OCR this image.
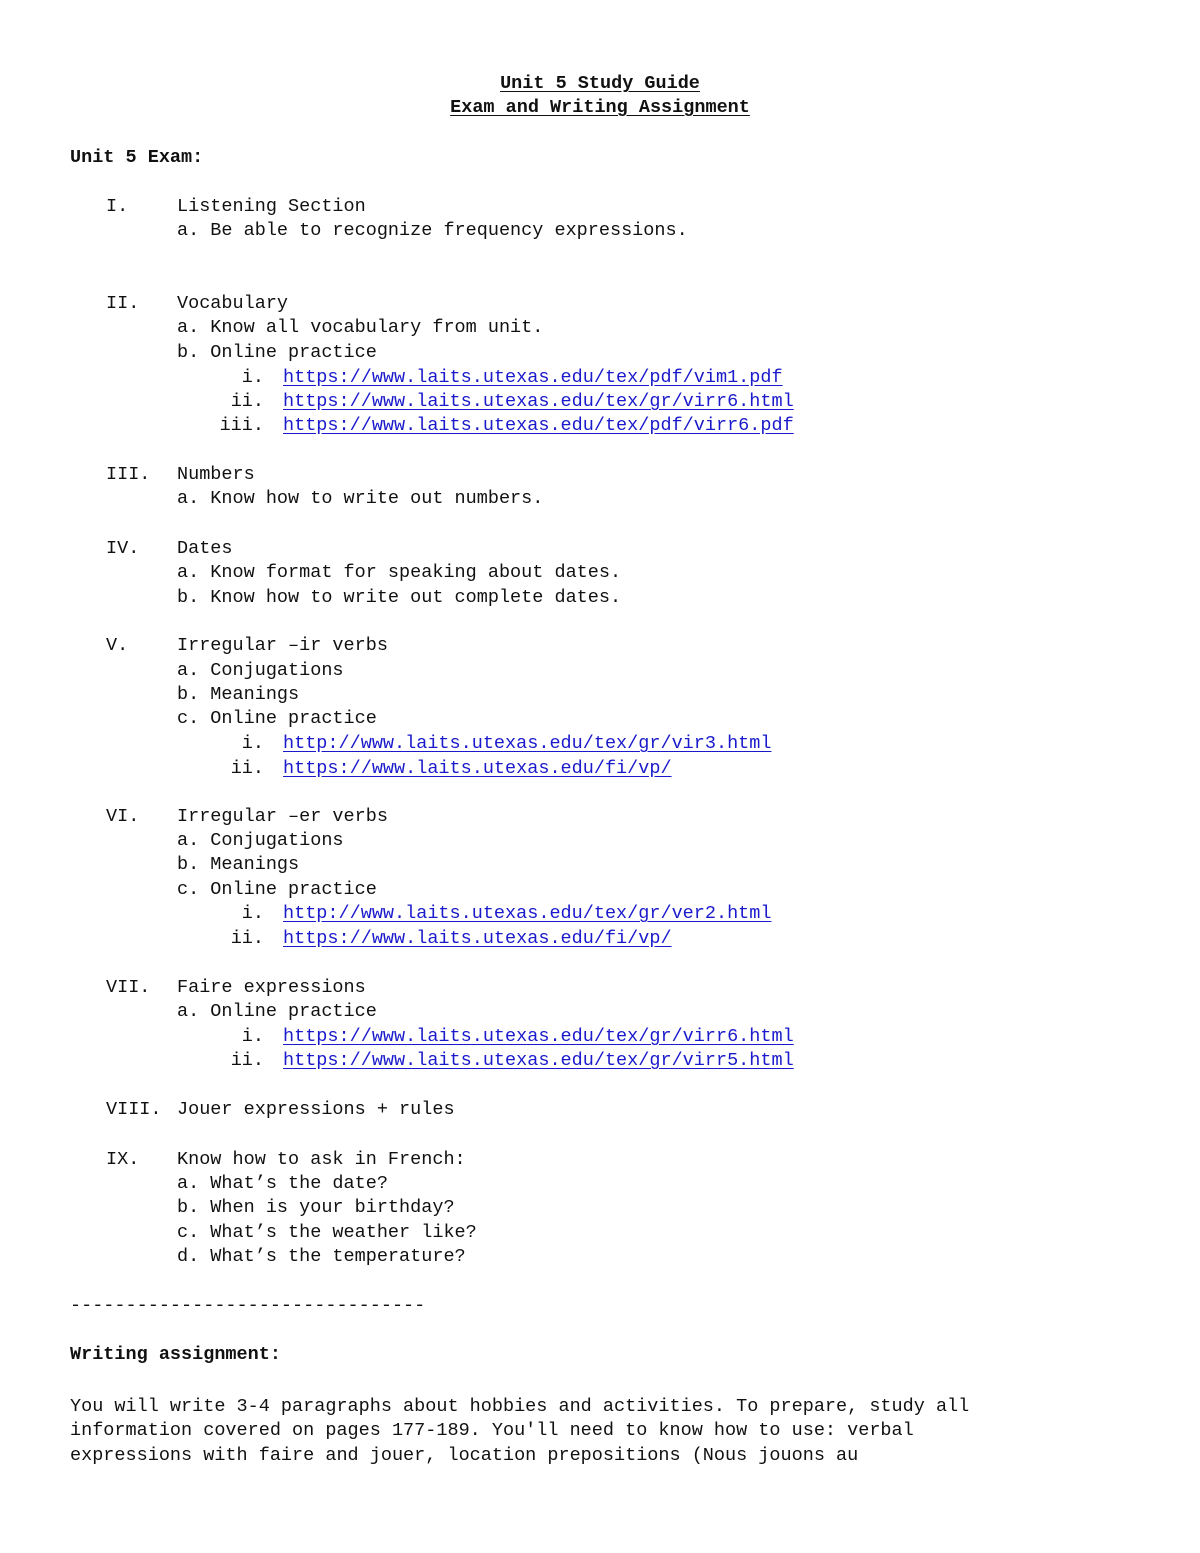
Unit 5 Study Guide
Exam and Writing Assignment
Unit 5 Exam:
I.	Listening Section
a. Be able to recognize frequency expressions.
II. Vocabulary
a. Know all vocabulary from unit.
b. Online practice
i. https://www.laits.utexas.edu/tex/pdf/vim1.pdf
ii. https://www.laits.utexas.edu/tex/gr/virr6.html
iii. https://www.laits.utexas.edu/tex/pdf/virr6.pdf
III. Numbers
a. Know how to write out numbers.
IV. Dates
a. Know format for speaking about dates.
b. Know how to write out complete dates.
V.	Irregular –ir verbs
a. Conjugations
b. Meanings
c. Online practice
i. http://www.laits.utexas.edu/tex/gr/vir3.html
ii. https://www.laits.utexas.edu/fi/vp/
VI. Irregular –er verbs
a. Conjugations
b. Meanings
c. Online practice
i. http://www.laits.utexas.edu/tex/gr/ver2.html
ii. https://www.laits.utexas.edu/fi/vp/
VII. Faire expressions
a. Online practice
i. https://www.laits.utexas.edu/tex/gr/virr6.html
ii. https://www.laits.utexas.edu/tex/gr/virr5.html
VIII. Jouer expressions + rules
IX. Know how to ask in French:
a. What’s the date?
b. When is your birthday?
c. What’s the weather like?
d. What’s the temperature?
--------------------------------
Writing assignment:
You will write 3-4 paragraphs about hobbies and activities. To prepare, study all
information covered on pages 177-189. You'll need to know how to use: verbal
expressions with faire and jouer, location prepositions (Nous jouons au
